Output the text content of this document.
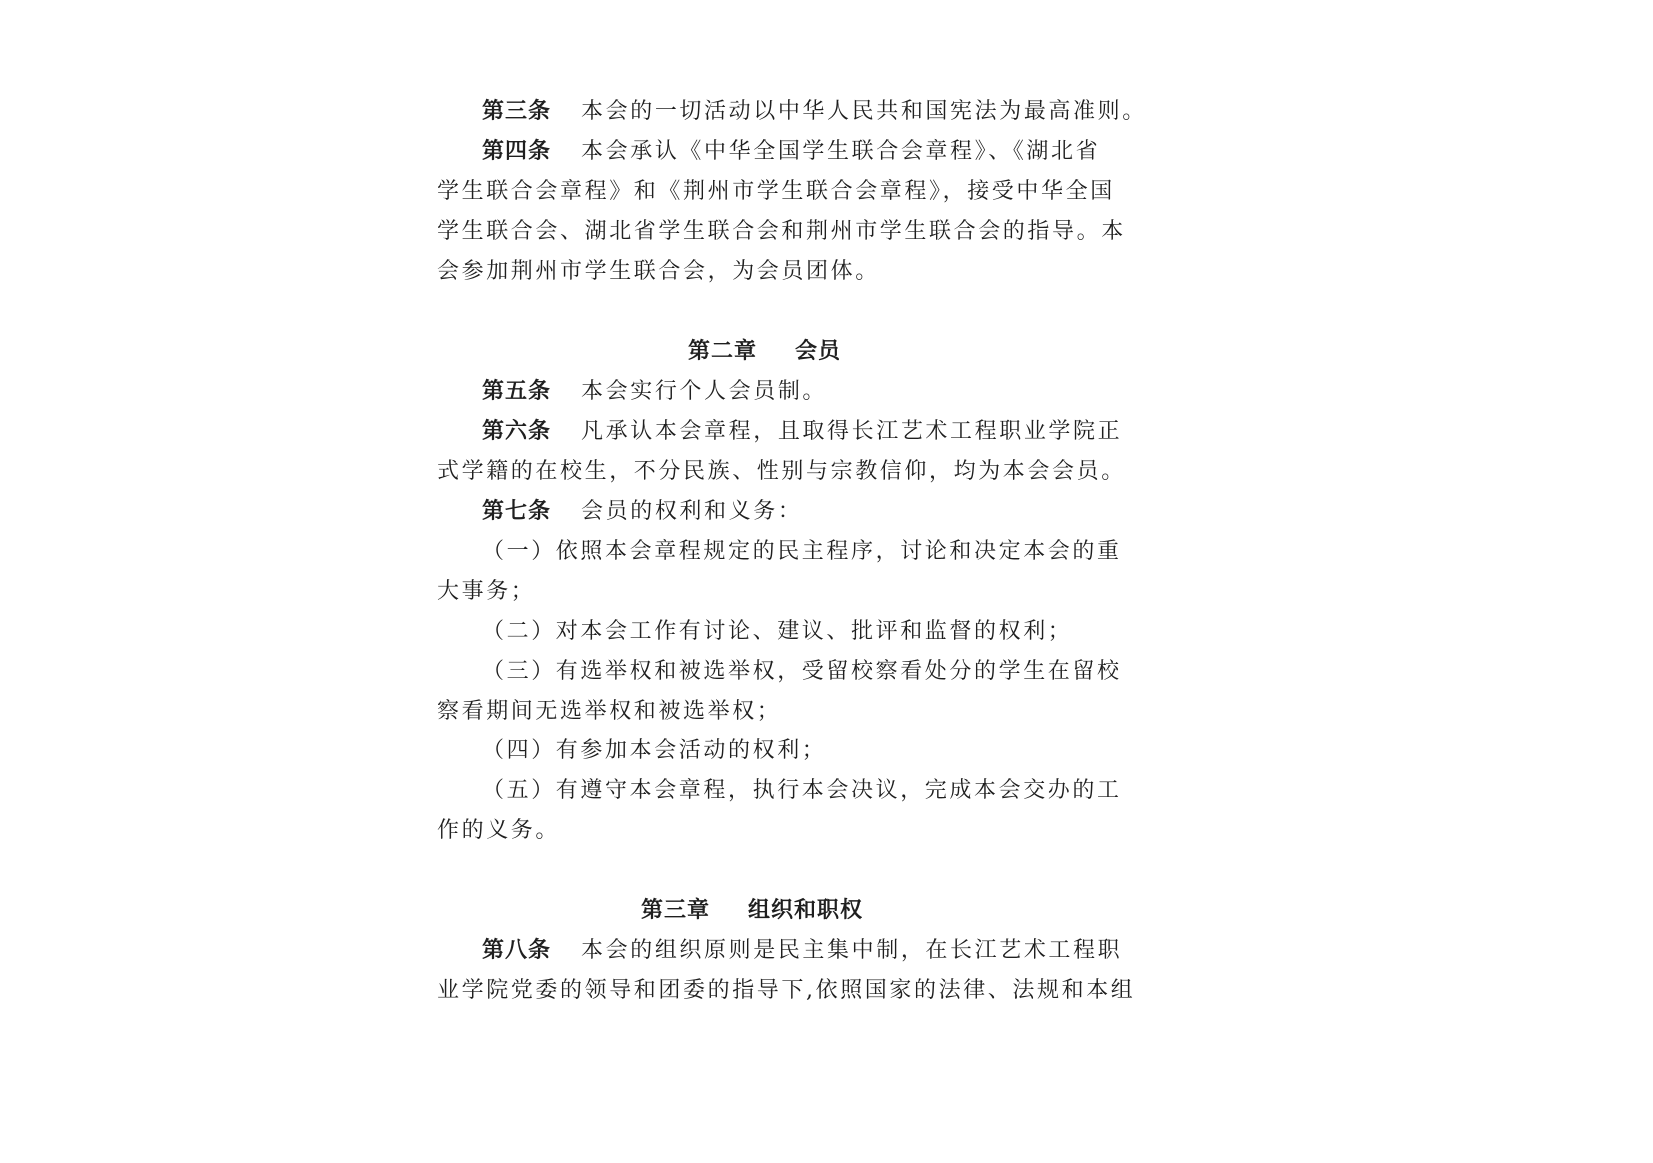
第三条 本会的一切活动以中华人民共和国宪法为最高准则。
第四条 本会承认《中华全国学生联合会章程》、《湖北省
学生联合会章程》和《荆州市学生联合会章程》，接受中华全国
学生联合会、湖北省学生联合会和荆州市学生联合会的指导。本
会参加荆州市学生联合会，为会员团体。
第二章 会员
第五条 本会实行个人会员制。
第六条 凡承认本会章程，且取得长江艺术工程职业学院正
式学籍的在校生，不分民族、性别与宗教信仰，均为本会会员。
第七条 会员的权利和义务：
（一）依照本会章程规定的民主程序，讨论和决定本会的重
大事务；
（二）对本会工作有讨论、建议、批评和监督的权利；
（三）有选举权和被选举权，受留校察看处分的学生在留校
察看期间无选举权和被选举权；
（四）有参加本会活动的权利；
（五）有遵守本会章程，执行本会决议，完成本会交办的工
作的义务。
第三章 组织和职权
第八条 本会的组织原则是民主集中制，在长江艺术工程职
业学院党委的领导和团委的指导下,依照国家的法律、法规和本组
